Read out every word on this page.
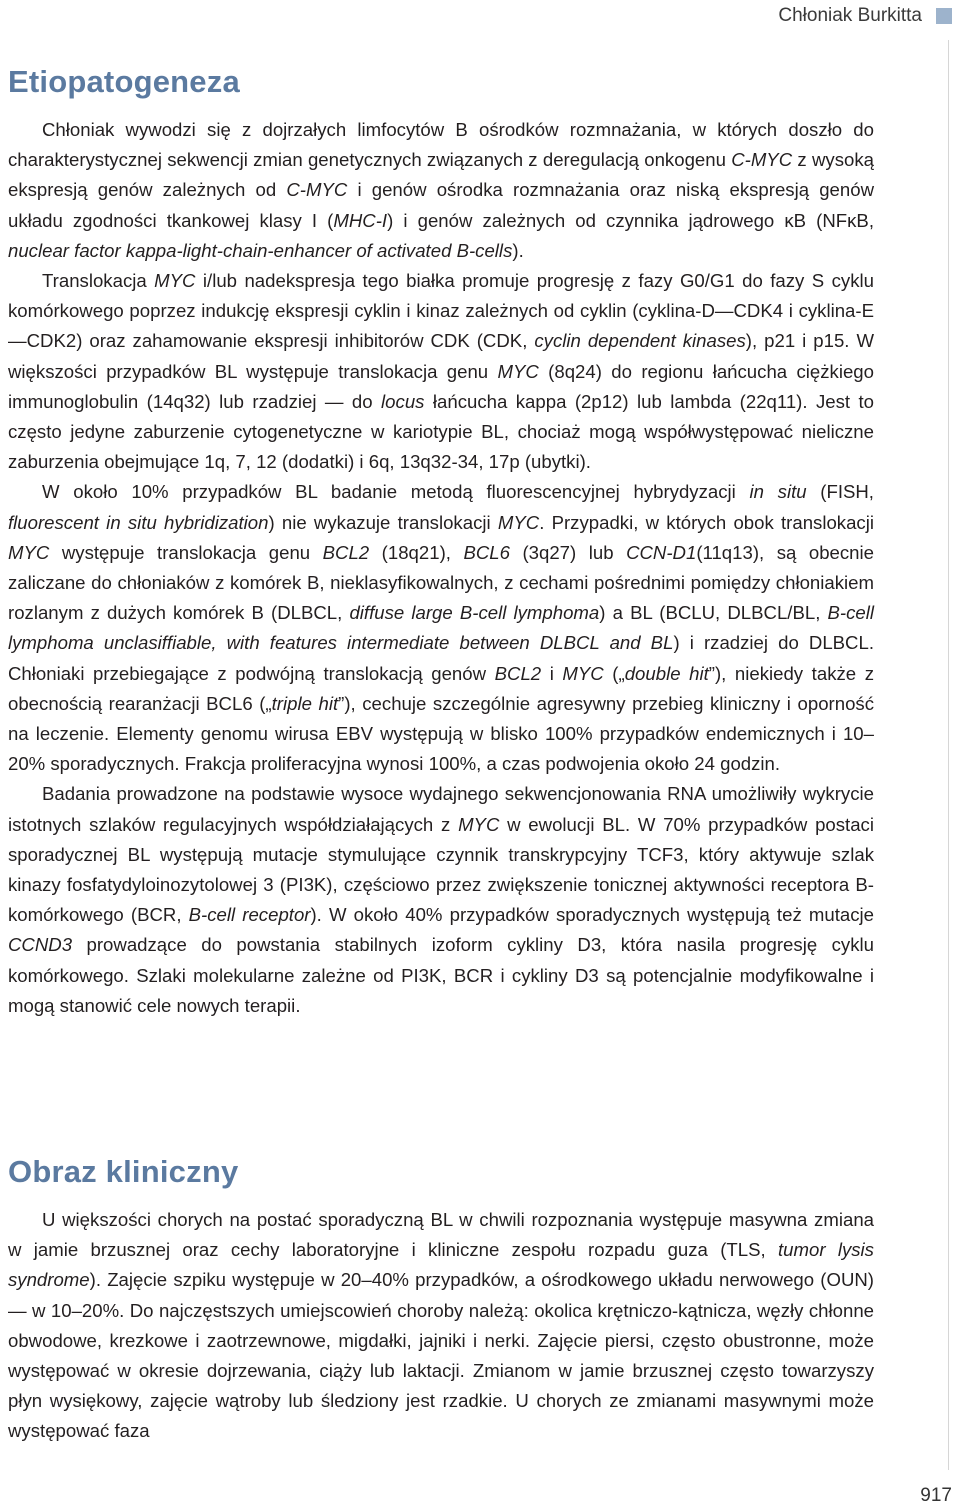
Chłoniak Burkitta
Etiopatogeneza

Chłoniak wywodzi się z dojrzałych limfocytów B ośrodków rozmnażania, w których doszło do charakterystycznej sekwencji zmian genetycznych związanych z deregulacją onkogenu C-MYC z wysoką ekspresją genów zależnych od C-MYC i genów ośrodka rozmnażania oraz niską ekspresją genów układu zgodności tkankowej klasy I (MHC-I) i genów zależnych od czynnika jądrowego κB (NFκB, nuclear factor kappa-light-chain-enhancer of activated B-cells).

Translokacja MYC i/lub nadekspresja tego białka promuje progresję z fazy G0/G1 do fazy S cyklu komórkowego poprzez indukcję ekspresji cyklin i kinaz zależnych od cyklin (cyklina-D—CDK4 i cyklina-E—CDK2) oraz zahamowanie ekspresji inhibitorów CDK (CDK, cyclin dependent kinases), p21 i p15. W większości przypadków BL występuje translokacja genu MYC (8q24) do regionu łańcucha ciężkiego immunoglobulin (14q32) lub rzadziej — do locus łańcucha kappa (2p12) lub lambda (22q11). Jest to często jedyne zaburzenie cytogenetyczne w kariotypie BL, chociaż mogą współwystępować nieliczne zaburzenia obejmujące 1q, 7, 12 (dodatki) i 6q, 13q32-34, 17p (ubytki).

W około 10% przypadków BL badanie metodą fluorescencyjnej hybrydyzacji in situ (FISH, fluorescent in situ hybridization) nie wykazuje translokacji MYC. Przypadki, w których obok translokacji MYC występuje translokacja genu BCL2 (18q21), BCL6 (3q27) lub CCN-D1(11q13), są obecnie zaliczane do chłoniaków z komórek B, nieklasyfikowalnych, z cechami pośrednimi pomiędzy chłoniakiem rozlanym z dużych komórek B (DLBCL, diffuse large B-cell lymphoma) a BL (BCLU, DLBCL/BL, B-cell lymphoma unclasiffiable, with features intermediate between DLBCL and BL) i rzadziej do DLBCL. Chłoniaki przebiegające z podwójną translokacją genów BCL2 i MYC („double hit”), niekiedy także z obecnością rearanżacji BCL6 („triple hit”), cechuje szczególnie agresywny przebieg kliniczny i oporność na leczenie. Elementy genomu wirusa EBV występują w blisko 100% przypadków endemicznych i 10–20% sporadycznych. Frakcja proliferacyjna wynosi 100%, a czas podwojenia około 24 godzin.

Badania prowadzone na podstawie wysoce wydajnego sekwencjonowania RNA umożliwiły wykrycie istotnych szlaków regulacyjnych współdziałających z MYC w ewolucji BL. W 70% przypadków postaci sporadycznej BL występują mutacje stymulujące czynnik transkrypcyjny TCF3, który aktywuje szlak kinazy fosfatydyloinozytolowej 3 (PI3K), częściowo przez zwiększenie tonicznej aktywności receptora B-komórkowego (BCR, B-cell receptor). W około 40% przypadków sporadycznych występują też mutacje CCND3 prowadzące do powstania stabilnych izoform cykliny D3, która nasila progresję cyklu komórkowego. Szlaki molekularne zależne od PI3K, BCR i cykliny D3 są potencjalnie modyfikowalne i mogą stanowić cele nowych terapii.

Obraz kliniczny

U większości chorych na postać sporadyczną BL w chwili rozpoznania występuje masywna zmiana w jamie brzusznej oraz cechy laboratoryjne i kliniczne zespołu rozpadu guza (TLS, tumor lysis syndrome). Zajęcie szpiku występuje w 20–40% przypadków, a ośrodkowego układu nerwowego (OUN) — w 10–20%. Do najczęstszych umiejscowień choroby należą: okolica krętniczo-kątnicza, węzły chłonne obwodowe, krezkowe i zaotrzewnowe, migdałki, jajniki i nerki. Zajęcie piersi, często obustronne, może występować w okresie dojrzewania, ciąży lub laktacji. Zmianom w jamie brzusznej często towarzyszy płyn wysiękowy, zajęcie wątroby lub śledziony jest rzadkie. U chorych ze zmianami masywnymi może występować faza

917
